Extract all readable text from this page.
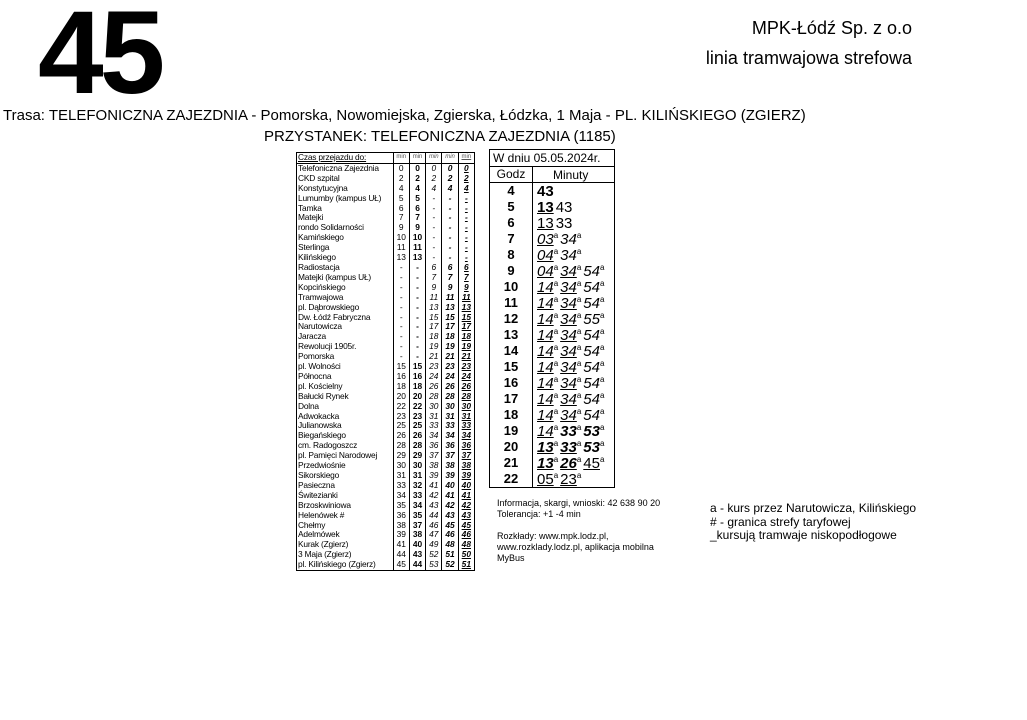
45	MPK-Łódź Sp. z o.o
linia tramwajowa strefowa
Trasa: TELEFONICZNA ZAJEZDNIA - Pomorska, Nowomiejska, Zgierska, Łódzka, 1 Maja - PL. KILIŃSKIEGO (ZGIERZ)
PRZYSTANEK: TELEFONICZNA ZAJEZDNIA (1185)
Czas przejazdu do:	min	min	min	min	min
Telefoniczna Zajezdnia	0	0	0	0	0
CKD szpital	2	2	2	2	2
Konstytucyjna	4	4	4	4	4
Lumumby (kampus UŁ)	5	5	-	-	-
Tamka	6	6	-	-	-
Matejki	7	7	-	-	-
rondo Solidarności	9	9	-	-	-
Kamińskiego	10	10	-	-	-
Sterlinga	11	11	-	-	-
Kilińskiego	13	13	-	-	-
Radiostacja	-	-	6	6	6
Matejki (kampus UŁ)	-	-	7	7	7
Kopcińskiego	-	-	9	9	9
Tramwajowa	-	-	11	11	11
pl. Dąbrowskiego	-	-	13	13	13
Dw. Łódź Fabryczna	-	-	15	15	15
Narutowicza	-	-	17	17	17
Jaracza	-	-	18	18	18
Rewolucji 1905r.	-	-	19	19	19
Pomorska	-	-	21	21	21
pl. Wolności	15	15	23	23	23
Północna	16	16	24	24	24
pl. Kościelny	18	18	26	26	26
Bałucki Rynek	20	20	28	28	28
Dolna	22	22	30	30	30
Adwokacka	23	23	31	31	31
Julianowska	25	25	33	33	33
Biegańskiego	26	26	34	34	34
cm. Radogoszcz	28	28	36	36	36
pl. Pamięci Narodowej	29	29	37	37	37
Przedwiośnie	30	30	38	38	38
Sikorskiego	31	31	39	39	39
Pasieczna	33	32	41	40	40
Świtezianki	34	33	42	41	41
Brzoskwiniowa	35	34	43	42	42
Helenówek #	36	35	44	43	43
Chełmy	38	37	46	45	45
Adelmówek	39	38	47	46	46
Kurak (Zgierz)	41	40	49	48	48
3 Maja (Zgierz)	44	43	52	51	50
pl. Kilińskiego (Zgierz)	45	44	53	52	51
W dniu 05.05.2024r.
Godz	Minuty
4	43
5	13 43
6	13 33
7	03$^a$ 34$^a$
8	04$^a$ 34$^a$
9	04$^a$ 34$^a$ 54$^a$
10	14$^a$ 34$^a$ 54$^a$
11	14$^a$ 34$^a$ 54$^a$
12	14$^a$ 34$^a$ 55$^a$
13	14$^a$ 34$^a$ 54$^a$
14	14$^a$ 34$^a$ 54$^a$
15	14$^a$ 34$^a$ 54$^a$
16	14$^a$ 34$^a$ 54$^a$
17	14$^a$ 34$^a$ 54$^a$
18	14$^a$ 34$^a$ 54$^a$
19	14$^a$ 33$^a$ 53$^a$
20	13$^a$ 33$^a$ 53$^a$
21	13$^a$ 26$^a$ 45$^a$
22	05$^a$ 23$^a$
Informacja, skargi, wnioski: 42 638 90 20
Tolerancja: +1 -4 min
Rozkłady: www.mpk.lodz.pl,
www.rozklady.lodz.pl, aplikacja mobilna
MyBus
a - kurs przez Narutowicza, Kilińskiego
# - granica strefy taryfowej
_kursują tramwaje niskopodłogowe
